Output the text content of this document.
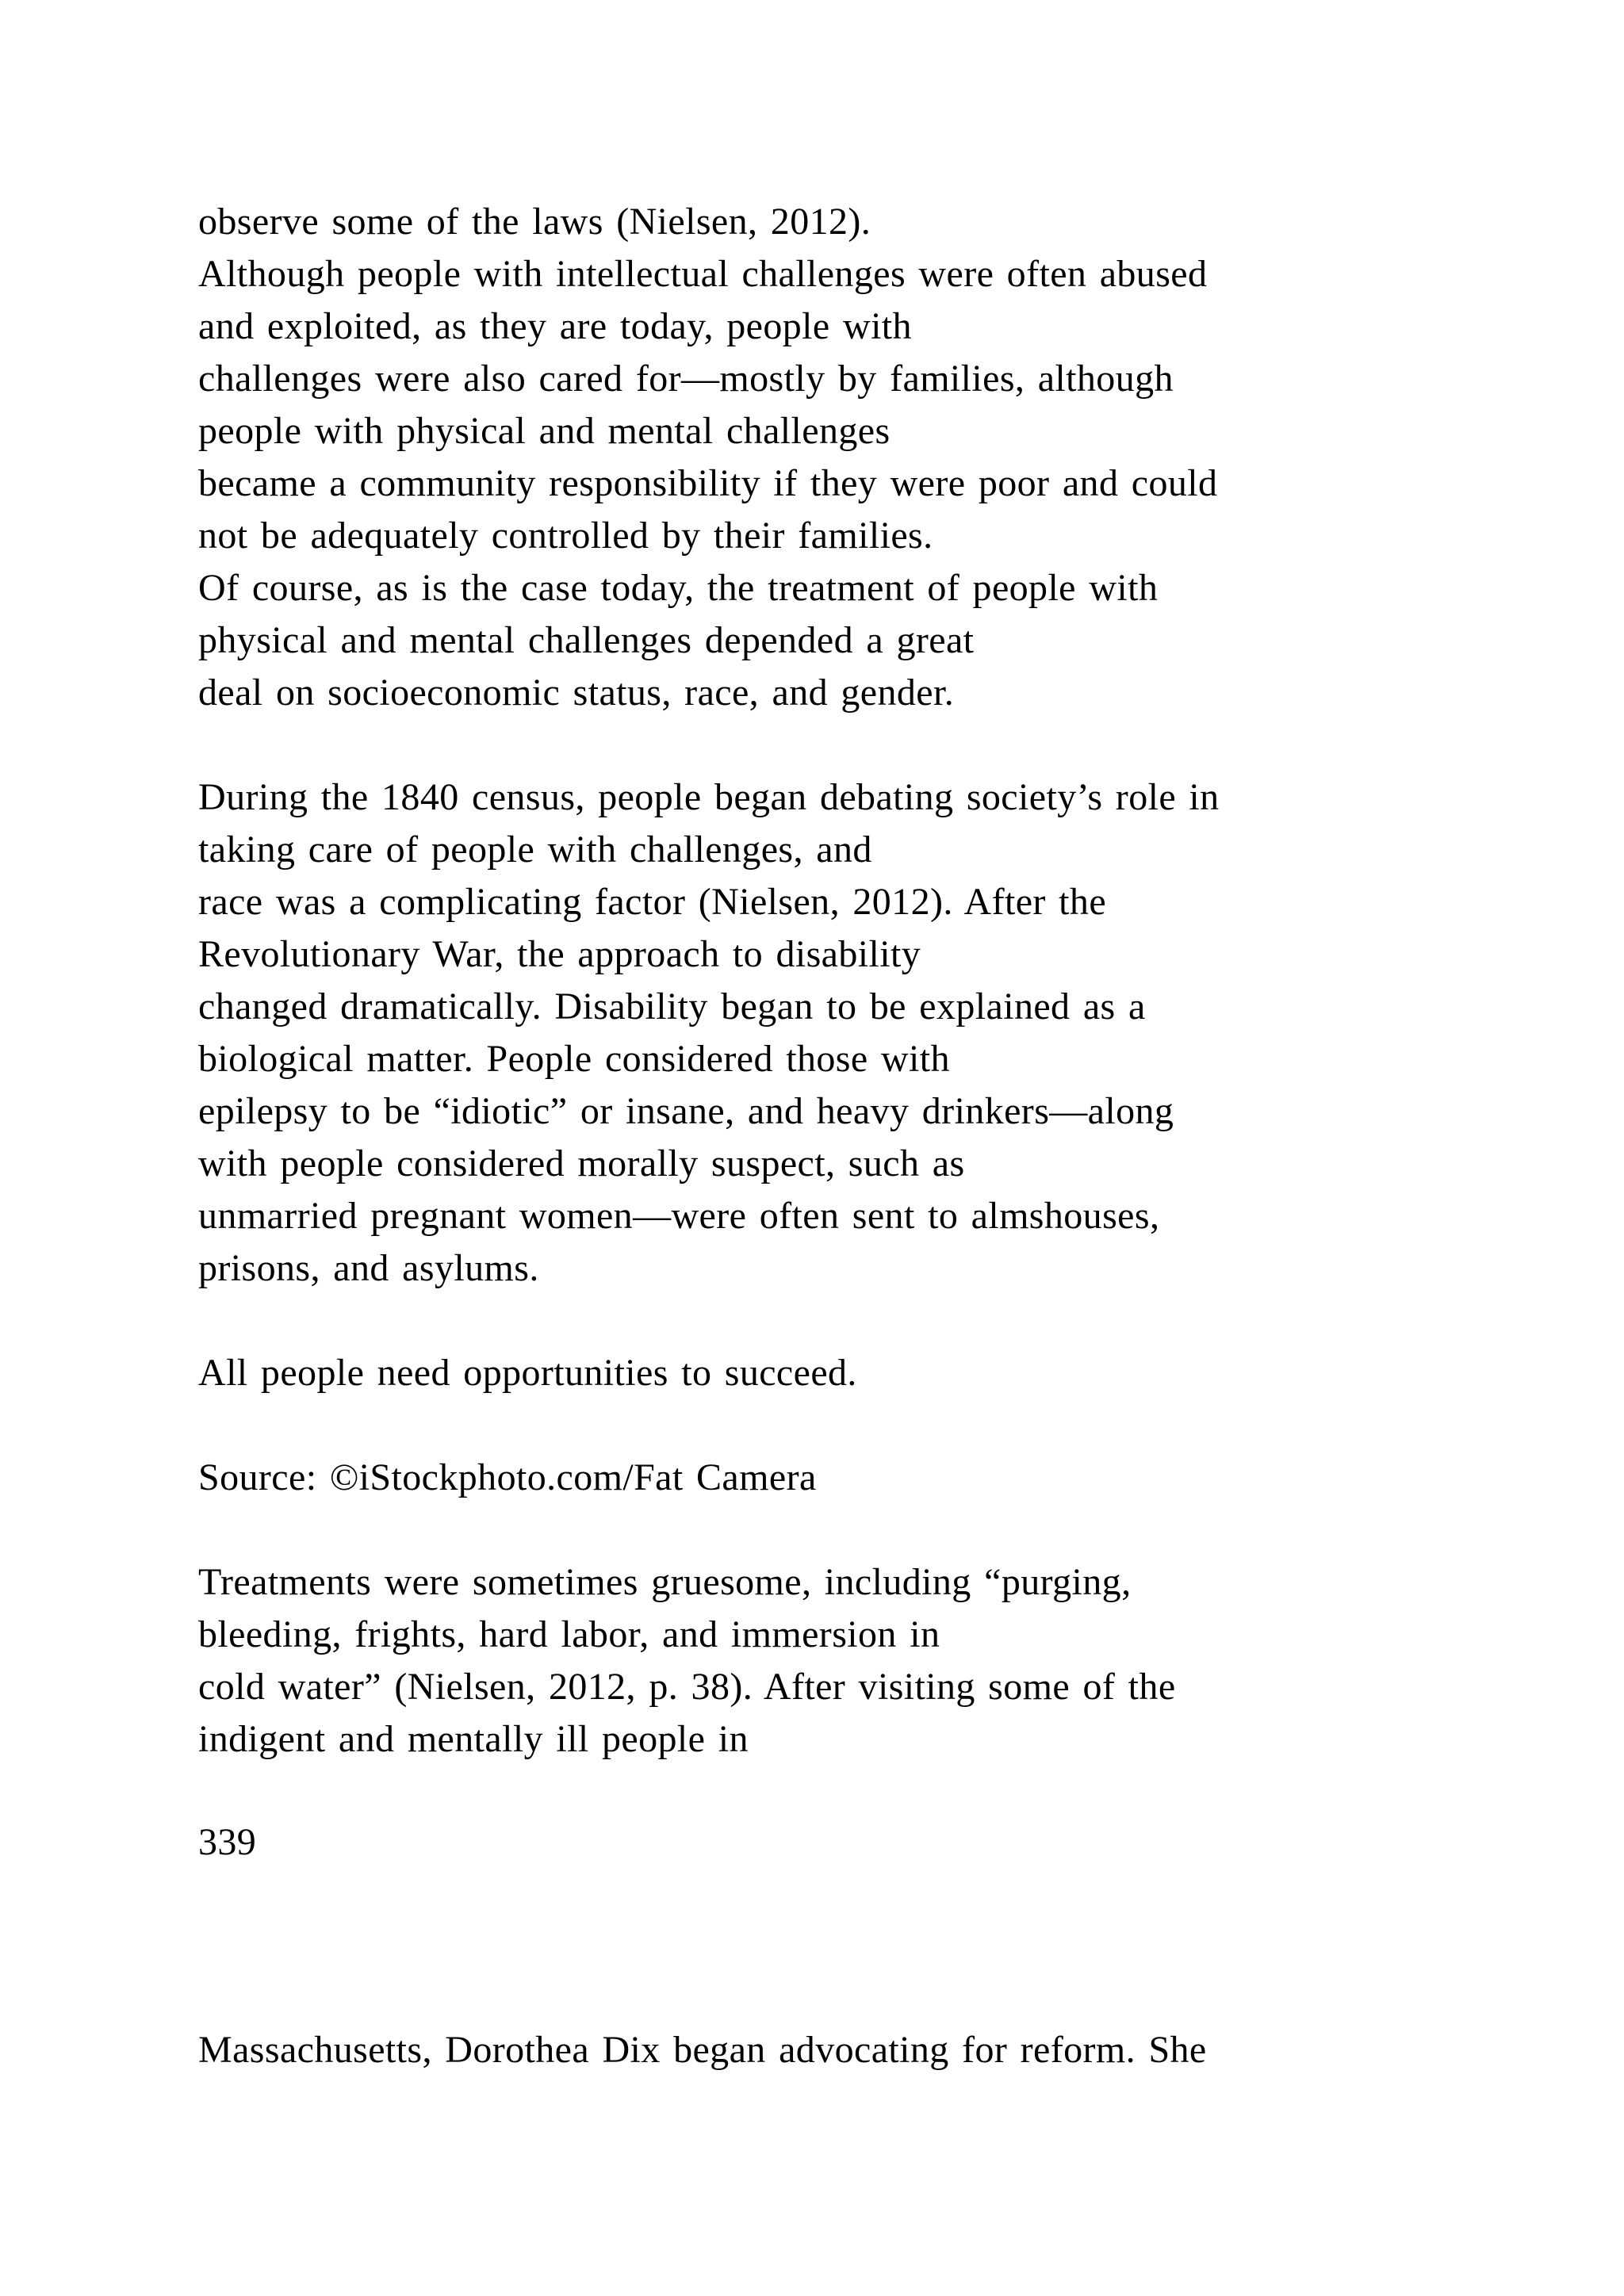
observe some of the laws (Nielsen, 2012).
Although people with intellectual challenges were often abused
and exploited, as they are today, people with
challenges were also cared for—mostly by families, although
people with physical and mental challenges
became a community responsibility if they were poor and could
not be adequately controlled by their families.
Of course, as is the case today, the treatment of people with
physical and mental challenges depended a great
deal on socioeconomic status, race, and gender.
During the 1840 census, people began debating society’s role in
taking care of people with challenges, and
race was a complicating factor (Nielsen, 2012). After the
Revolutionary War, the approach to disability
changed dramatically. Disability began to be explained as a
biological matter. People considered those with
epilepsy to be “idiotic” or insane, and heavy drinkers—along
with people considered morally suspect, such as
unmarried pregnant women—were often sent to almshouses,
prisons, and asylums.
All people need opportunities to succeed.
Source: ©iStockphoto.com/Fat Camera
Treatments were sometimes gruesome, including “purging,
bleeding, frights, hard labor, and immersion in
cold water” (Nielsen, 2012, p. 38). After visiting some of the
indigent and mentally ill people in
339
Massachusetts, Dorothea Dix began advocating for reform. She
